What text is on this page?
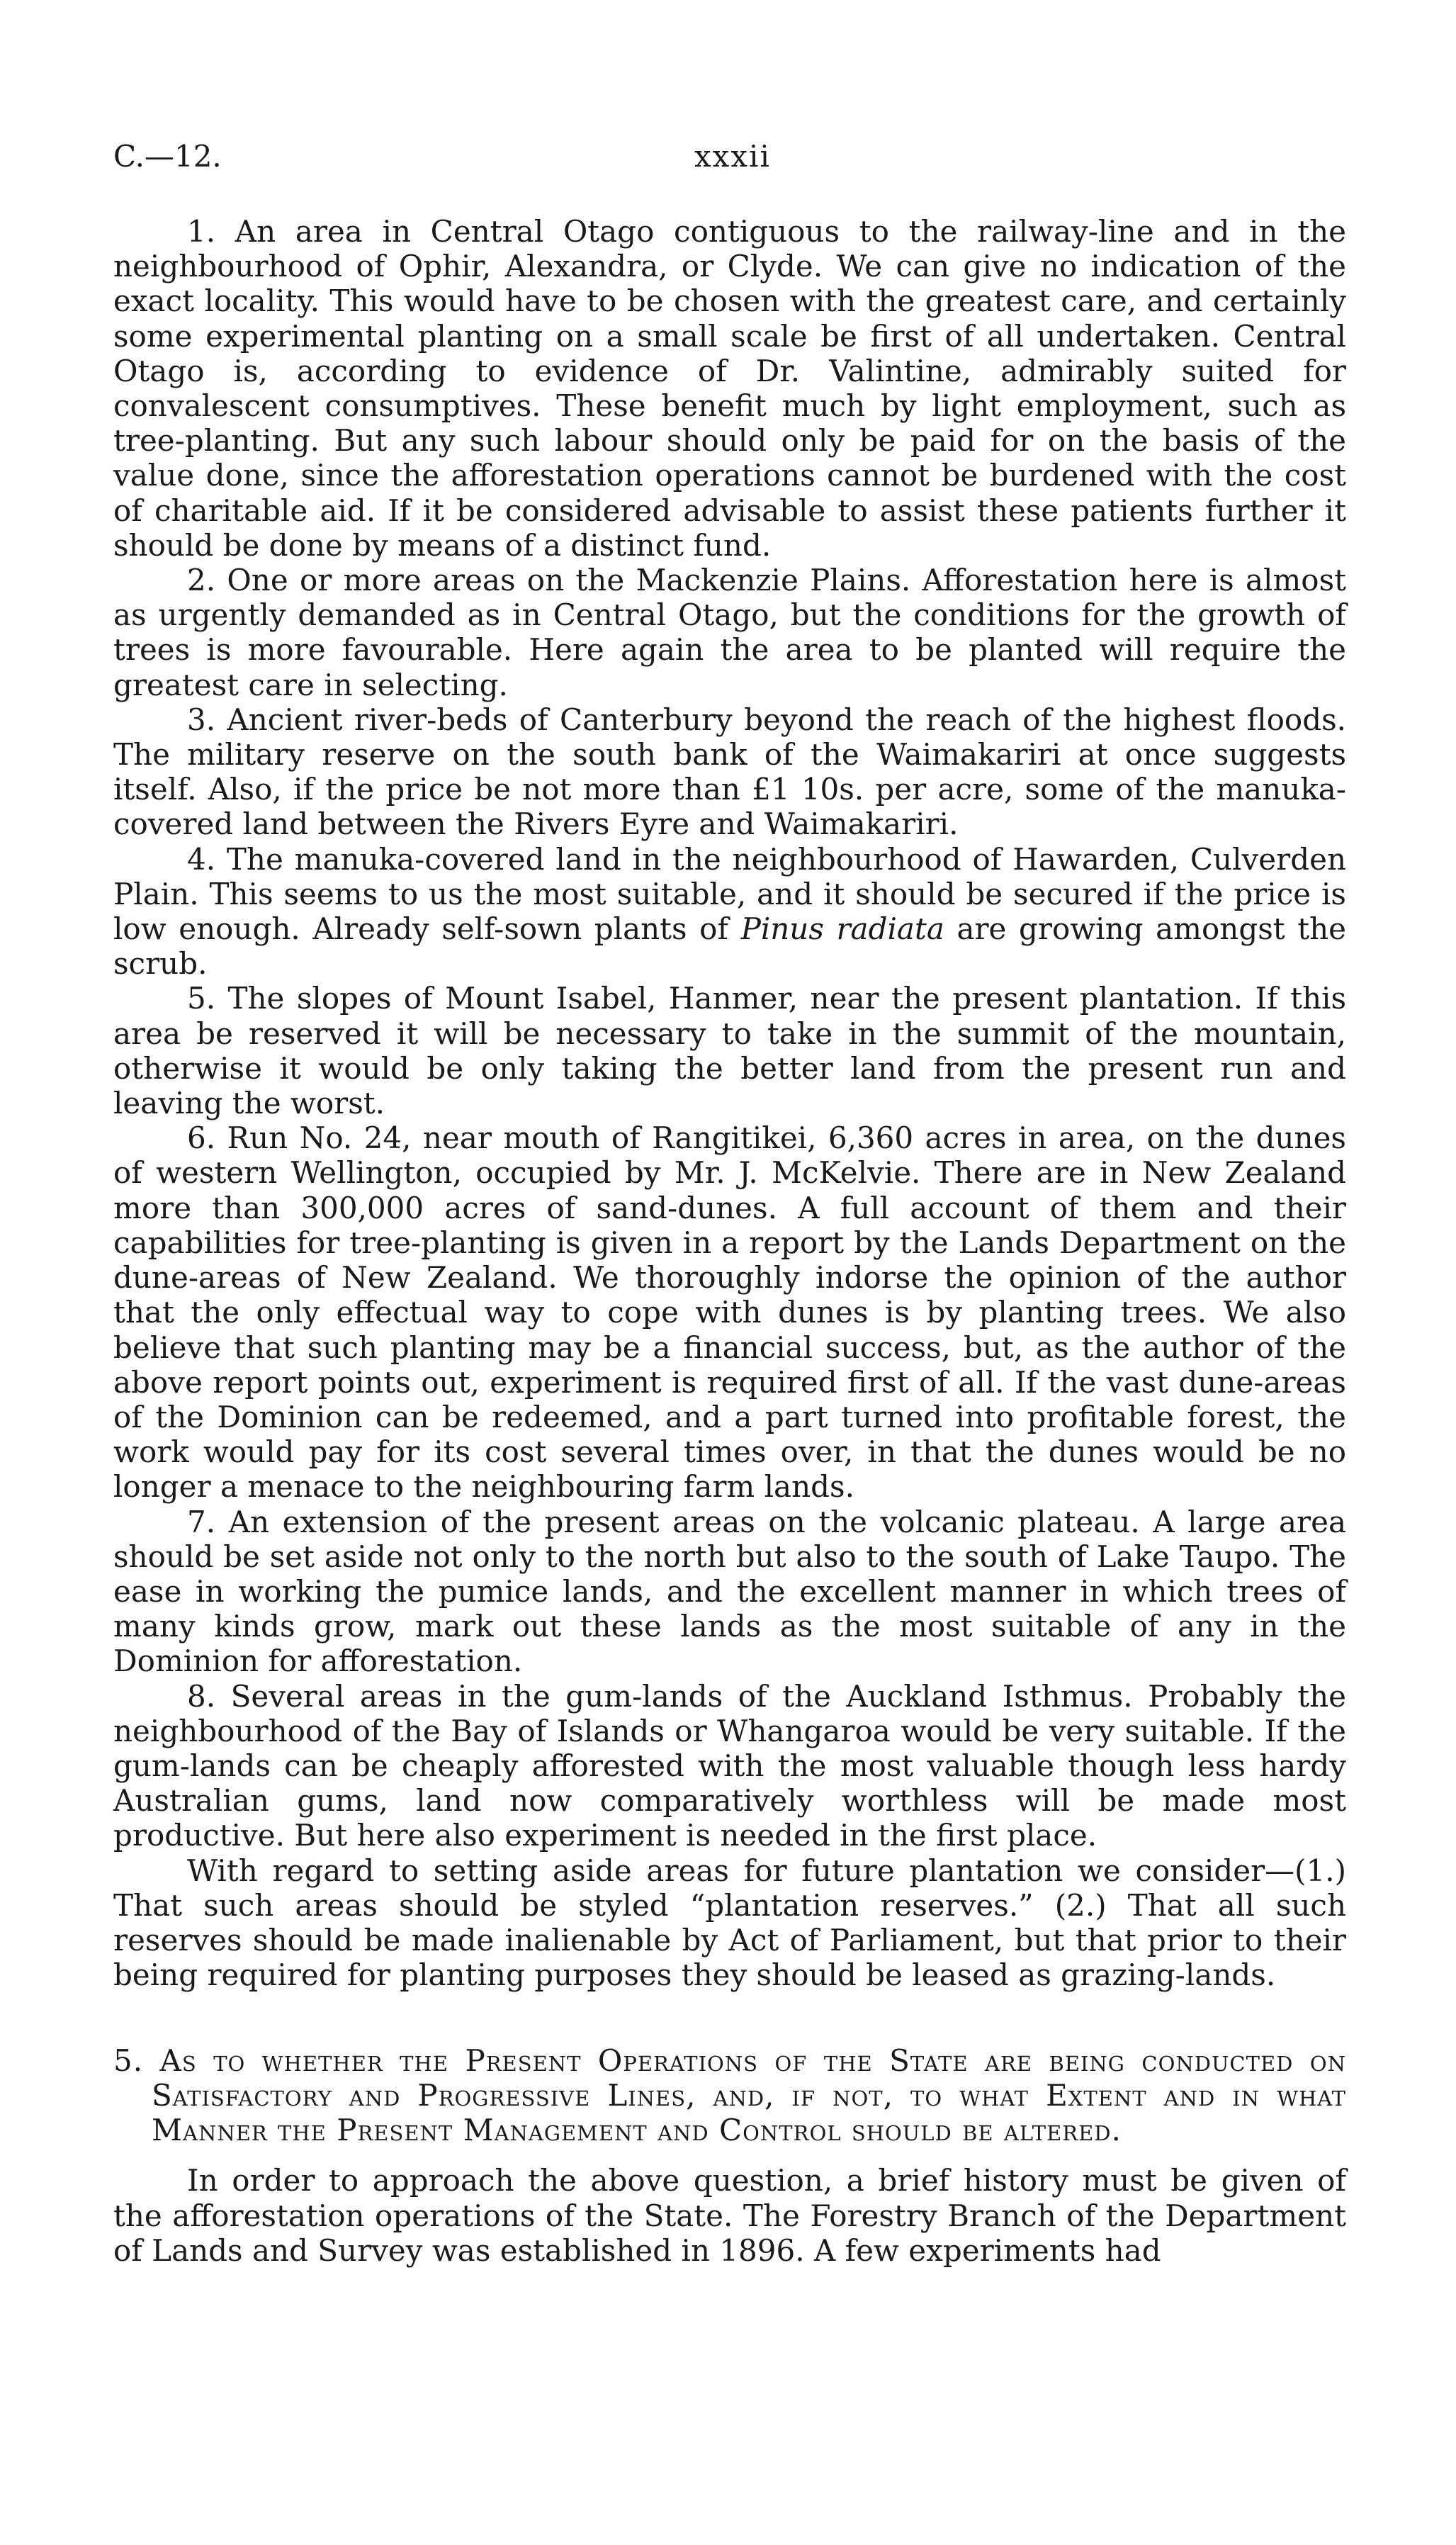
C.—12.	xxxii

1. An area in Central Otago contiguous to the railway-line and in the neighbourhood of Ophir, Alexandra, or Clyde. We can give no indication of the exact locality. This would have to be chosen with the greatest care, and certainly some experimental planting on a small scale be first of all undertaken. Central Otago is, according to evidence of Dr. Valintine, admirably suited for convalescent consumptives. These benefit much by light employment, such as tree-planting. But any such labour should only be paid for on the basis of the value done, since the afforestation operations cannot be burdened with the cost of charitable aid. If it be considered advisable to assist these patients further it should be done by means of a distinct fund.

2. One or more areas on the Mackenzie Plains. Afforestation here is almost as urgently demanded as in Central Otago, but the conditions for the growth of trees is more favourable. Here again the area to be planted will require the greatest care in selecting.

3. Ancient river-beds of Canterbury beyond the reach of the highest floods. The military reserve on the south bank of the Waimakariri at once suggests itself. Also, if the price be not more than £1 10s. per acre, some of the manuka-covered land between the Rivers Eyre and Waimakariri.

4. The manuka-covered land in the neighbourhood of Hawarden, Culverden Plain. This seems to us the most suitable, and it should be secured if the price is low enough. Already self-sown plants of Pinus radiata are growing amongst the scrub.

5. The slopes of Mount Isabel, Hanmer, near the present plantation. If this area be reserved it will be necessary to take in the summit of the mountain, otherwise it would be only taking the better land from the present run and leaving the worst.

6. Run No. 24, near mouth of Rangitikei, 6,360 acres in area, on the dunes of western Wellington, occupied by Mr. J. McKelvie. There are in New Zealand more than 300,000 acres of sand-dunes. A full account of them and their capabilities for tree-planting is given in a report by the Lands Department on the dune-areas of New Zealand. We thoroughly indorse the opinion of the author that the only effectual way to cope with dunes is by planting trees. We also believe that such planting may be a financial success, but, as the author of the above report points out, experiment is required first of all. If the vast dune-areas of the Dominion can be redeemed, and a part turned into profitable forest, the work would pay for its cost several times over, in that the dunes would be no longer a menace to the neighbouring farm lands.

7. An extension of the present areas on the volcanic plateau. A large area should be set aside not only to the north but also to the south of Lake Taupo. The ease in working the pumice lands, and the excellent manner in which trees of many kinds grow, mark out these lands as the most suitable of any in the Dominion for afforestation.

8. Several areas in the gum-lands of the Auckland Isthmus. Probably the neighbourhood of the Bay of Islands or Whangaroa would be very suitable. If the gum-lands can be cheaply afforested with the most valuable though less hardy Australian gums, land now comparatively worthless will be made most productive. But here also experiment is needed in the first place.

With regard to setting aside areas for future plantation we consider—(1.) That such areas should be styled “plantation reserves.” (2.) That all such reserves should be made inalienable by Act of Parliament, but that prior to their being required for planting purposes they should be leased as grazing-lands.

5. As to whether the Present Operations of the State are being conducted on Satisfactory and Progressive Lines, and, if not, to what Extent and in what Manner the Present Management and Control should be altered.

In order to approach the above question, a brief history must be given of the afforestation operations of the State. The Forestry Branch of the Department of Lands and Survey was established in 1896. A few experiments had
